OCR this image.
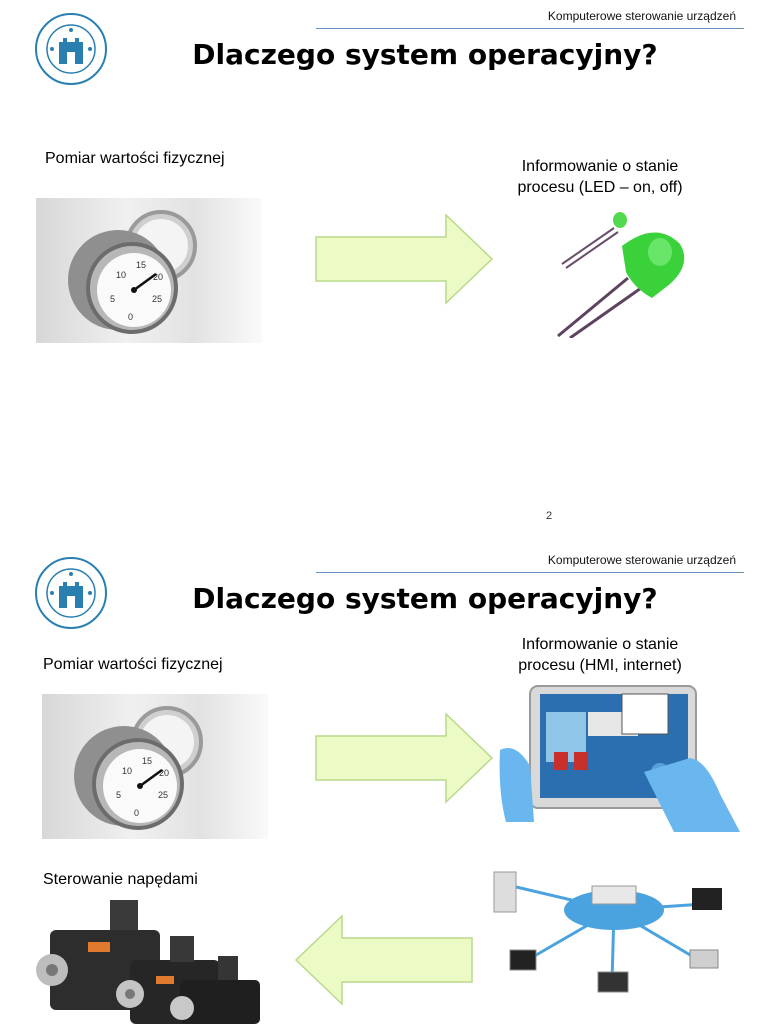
Komputerowe sterowanie urządzeń
Dlaczego system operacyjny?
Pomiar wartości fizycznej	Informowanie o stanie
procesu (LED – on, off)
5
10
15
20
25
0
2
Komputerowe sterowanie urządzeń
Dlaczego system operacyjny?
Pomiar wartości fizycznej
Informowanie o stanie
procesu (HMI, internet)
5
10
15
20
25
0
Sterowanie napędami
